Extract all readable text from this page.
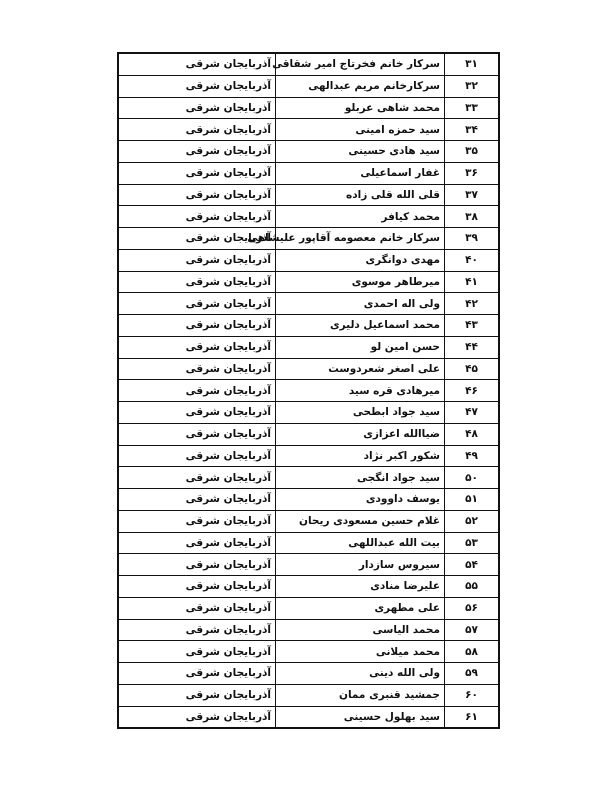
۳۱	سرکار خانم فخرتاج امیر شقاقی	آذربایجان شرقی
۳۲	سرکارخانم مریم عبدالهی	آذربایجان شرقی
۳۳	محمد شاهی عربلو	آذربایجان شرقی
۳۴	سید حمزه امینی	آذربایجان شرقی
۳۵	سید هادی حسینی	آذربایجان شرقی
۳۶	غفار اسماعیلی	آذربایجان شرقی
۳۷	قلی الله قلی زاده	آذربایجان شرقی
۳۸	محمد کیافر	آذربایجان شرقی
۳۹	سرکار خانم معصومه آقاپور علیشاهی	آذربایجان شرقی
۴۰	مهدی دوانگری	آذربایجان شرقی
۴۱	میرطاهر موسوی	آذربایجان شرقی
۴۲	ولی اله احمدی	آذربایجان شرقی
۴۳	محمد اسماعیل دلیری	آذربایجان شرقی
۴۴	حسن امین لو	آذربایجان شرقی
۴۵	علی اصغر شعردوست	آذربایجان شرقی
۴۶	میرهادی قره سید	آذربایجان شرقی
۴۷	سید جواد ابطحی	آذربایجان شرقی
۴۸	ضیاالله اعزازی	آذربایجان شرقی
۴۹	شکور اکبر نژاد	آذربایجان شرقی
۵۰	سید جواد انگجی	آذربایجان شرقی
۵۱	یوسف داوودی	آذربایجان شرقی
۵۲	غلام حسین مسعودی ریحان	آذربایجان شرقی
۵۳	بیت الله عبداللهی	آذربایجان شرقی
۵۴	سیروس سازدار	آذربایجان شرقی
۵۵	علیرضا منادی	آذربایجان شرقی
۵۶	علی مطهری	آذربایجان شرقی
۵۷	محمد الیاسی	آذربایجان شرقی
۵۸	محمد میلانی	آذربایجان شرقی
۵۹	ولی الله دینی	آذربایجان شرقی
۶۰	جمشید قنبری ممان	آذربایجان شرقی
۶۱	سید بهلول حسینی	آذربایجان شرقی
